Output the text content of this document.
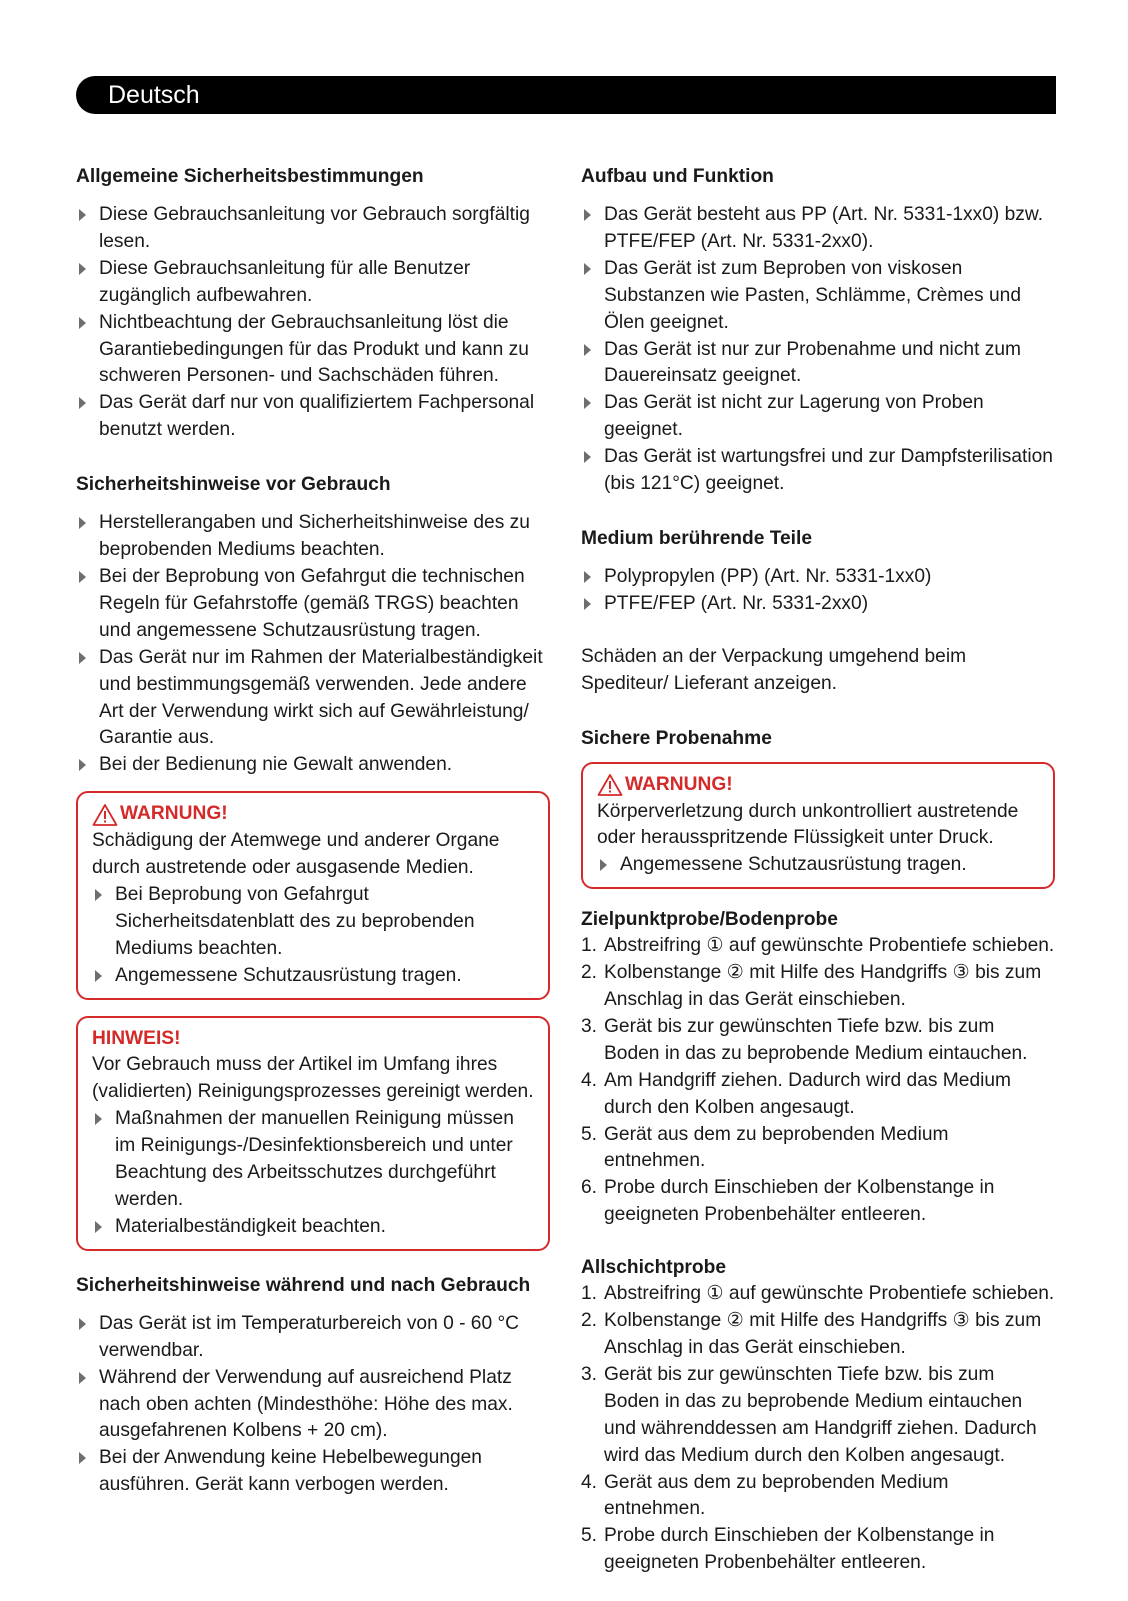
Deutsch
Allgemeine Sicherheitsbestimmungen
Diese Gebrauchsanleitung vor Gebrauch sorgfältig lesen.
Diese Gebrauchsanleitung für alle Benutzer zugänglich aufbewahren.
Nichtbeachtung der Gebrauchsanleitung löst die Garantiebedingungen für das Produkt und kann zu schweren Personen- und Sachschäden führen.
Das Gerät darf nur von qualifiziertem Fachpersonal benutzt werden.
Sicherheitshinweise vor Gebrauch
Herstellerangaben und Sicherheitshinweise des zu beprobenden Mediums beachten.
Bei der Beprobung von Gefahrgut die technischen Regeln für Gefahrstoffe (gemäß TRGS) beachten und angemessene Schutzausrüstung tragen.
Das Gerät nur im Rahmen der Materialbeständigkeit und bestimmungsgemäß verwenden. Jede andere Art der Verwendung wirkt sich auf Gewährleistung/ Garantie aus.
Bei der Bedienung nie Gewalt anwenden.
WARNUNG!

Schädigung der Atemwege und anderer Organe durch austretende oder ausgasende Medien.

Bei Beprobung von Gefahrgut Sicherheitsdatenblatt des zu beprobenden Mediums beachten.
Angemessene Schutzausrüstung tragen.
HINWEIS!

Vor Gebrauch muss der Artikel im Umfang ihres (validierten) Reinigungsprozesses gereinigt werden.

Maßnahmen der manuellen Reinigung müssen im Reinigungs-/Desinfektionsbereich und unter Beachtung des Arbeitsschutzes durchgeführt werden.
Materialbeständigkeit beachten.
Sicherheitshinweise während und nach Gebrauch
Das Gerät ist im Temperaturbereich von 0 - 60 °C verwendbar.
Während der Verwendung auf ausreichend Platz nach oben achten (Mindesthöhe: Höhe des max. ausgefahrenen Kolbens + 20 cm).
Bei der Anwendung keine Hebelbewegungen ausführen. Gerät kann verbogen werden.
Aufbau und Funktion
Das Gerät besteht aus PP (Art. Nr. 5331-1xx0) bzw. PTFE/FEP (Art. Nr. 5331-2xx0).
Das Gerät ist zum Beproben von viskosen Substanzen wie Pasten, Schlämme, Crèmes und Ölen geeignet.
Das Gerät ist nur zur Probenahme und nicht zum Dauereinsatz geeignet.
Das Gerät ist nicht zur Lagerung von Proben geeignet.
Das Gerät ist wartungsfrei und zur Dampfsterilisation (bis 121°C) geeignet.
Medium berührende Teile
Polypropylen (PP) (Art. Nr. 5331-1xx0)
PTFE/FEP (Art. Nr. 5331-2xx0)

Schäden an der Verpackung umgehend beim Spediteur/ Lieferant anzeigen.

Sichere Probenahme
WARNUNG!

Körperverletzung durch unkontrolliert austretende oder herausspritzende Flüssigkeit unter Druck.

Angemessene Schutzausrüstung tragen.
Zielpunktprobe/Bodenprobe
1. Abstreifring ① auf gewünschte Probentiefe schieben.
2. Kolbenstange ② mit Hilfe des Handgriffs ③ bis zum Anschlag in das Gerät einschieben.
3. Gerät bis zur gewünschten Tiefe bzw. bis zum Boden in das zu beprobende Medium eintauchen.
4. Am Handgriff ziehen. Dadurch wird das Medium durch den Kolben angesaugt.
5. Gerät aus dem zu beprobenden Medium entnehmen.
6. Probe durch Einschieben der Kolbenstange in geeigneten Probenbehälter entleeren.
Allschichtprobe
1. Abstreifring ① auf gewünschte Probentiefe schieben.
2. Kolbenstange ② mit Hilfe des Handgriffs ③ bis zum Anschlag in das Gerät einschieben.
3. Gerät bis zur gewünschten Tiefe bzw. bis zum Boden in das zu beprobende Medium eintauchen und währenddessen am Handgriff ziehen. Dadurch wird das Medium durch den Kolben angesaugt.
4. Gerät aus dem zu beprobenden Medium entnehmen.
5. Probe durch Einschieben der Kolbenstange in geeigneten Probenbehälter entleeren.
